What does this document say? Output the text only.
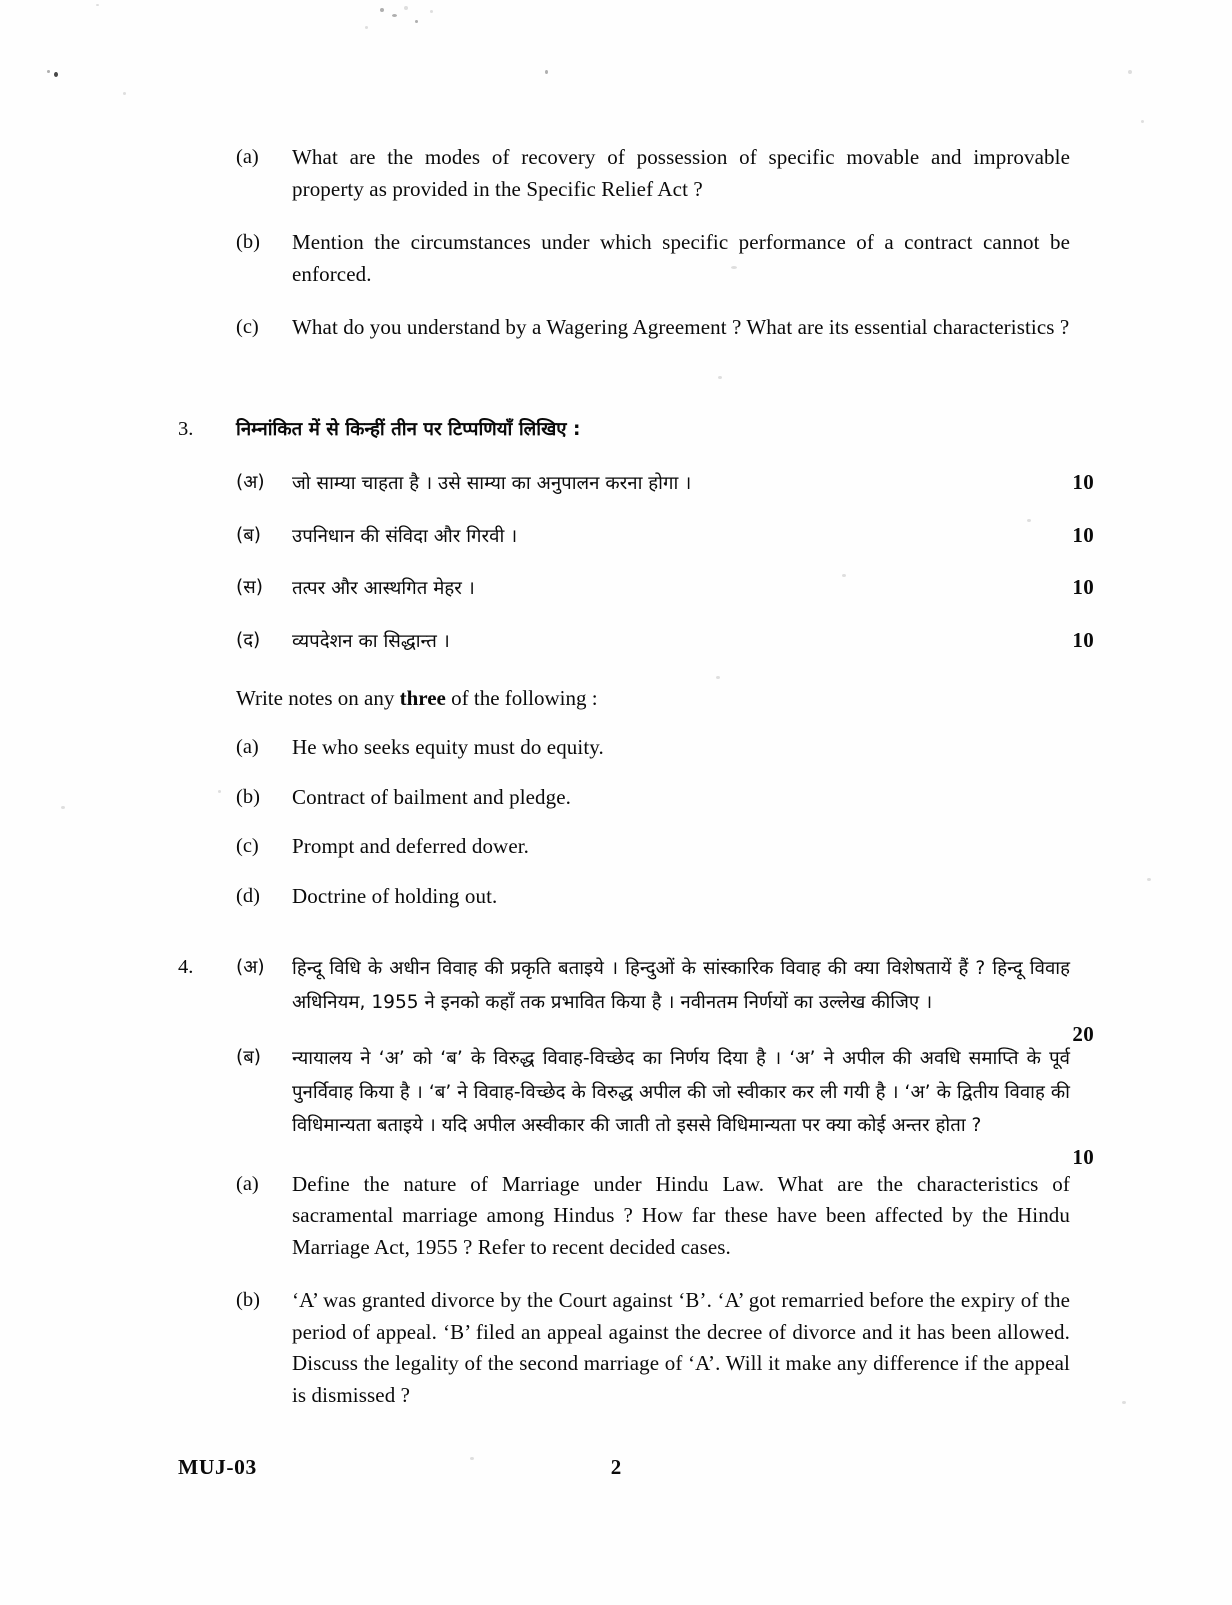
(a)	What are the modes of recovery of possession of specific movable and improvable property as provided in the Specific Relief Act ?
(b)	Mention the circumstances under which specific performance of a contract cannot be enforced.
(c)	What do you understand by a Wagering Agreement ? What are its essential characteristics ?
3.	निम्नांकित में से किन्हीं तीन पर टिप्पणियाँ लिखिए :
(अ)	जो साम्या चाहता है । उसे साम्या का अनुपालन करना होगा ।	10
(ब)	उपनिधान की संविदा और गिरवी ।	10
(स)	तत्पर और आस्थगित मेहर ।	10
(द)	व्यपदेशन का सिद्धान्त ।	10
Write notes on any three of the following :
(a)	He who seeks equity must do equity.
(b)	Contract of bailment and pledge.
(c)	Prompt and deferred dower.
(d)	Doctrine of holding out.
4.	(अ)	हिन्दू विधि के अधीन विवाह की प्रकृति बताइये । हिन्दुओं के सांस्कारिक विवाह की क्या विशेषतायें हैं ? हिन्दू विवाह अधिनियम, 1955 ने इनको कहाँ तक प्रभावित किया है । नवीनतम निर्णयों का उल्लेख कीजिए ।
20
(ब)	न्यायालय ने ‘अ’ को ‘ब’ के विरुद्ध विवाह-विच्छेद का निर्णय दिया है । ‘अ’ ने अपील की अवधि समाप्ति के पूर्व पुनर्विवाह किया है । ‘ब’ ने विवाह-विच्छेद के विरुद्ध अपील की जो स्वीकार कर ली गयी है । ‘अ’ के द्वितीय विवाह की विधिमान्यता बताइये । यदि अपील अस्वीकार की जाती तो इससे विधिमान्यता पर क्या कोई अन्तर होता ?
10
(a)	Define the nature of Marriage under Hindu Law. What are the characteristics of sacramental marriage among Hindus ? How far these have been affected by the Hindu Marriage Act, 1955 ? Refer to recent decided cases.
(b)	‘A’ was granted divorce by the Court against ‘B’. ‘A’ got remarried before the expiry of the period of appeal. ‘B’ filed an appeal against the decree of divorce and it has been allowed. Discuss the legality of the second marriage of ‘A’. Will it make any difference if the appeal is dismissed ?
MUJ-03	2
